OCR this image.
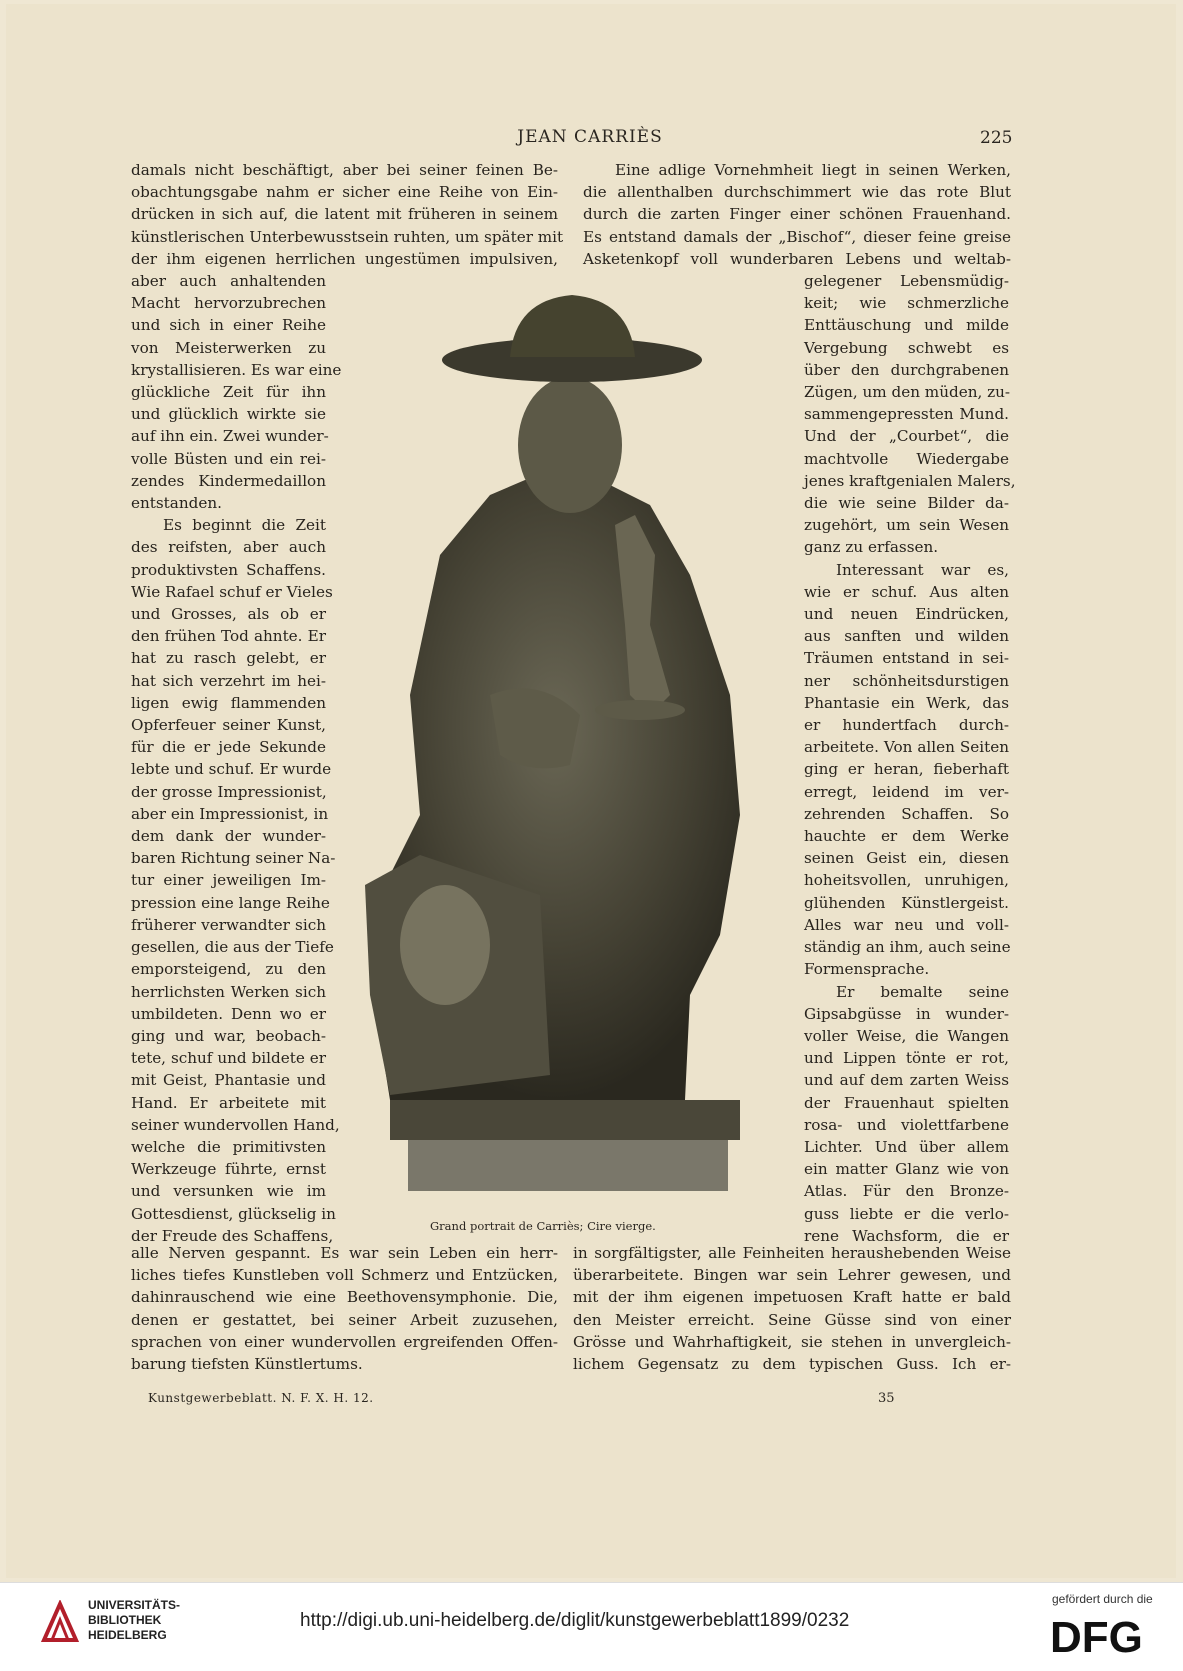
JEAN CARRIÈS	225
damals nicht beschäftigt, aber bei seiner feinen Be-
obachtungsgabe nahm er sicher eine Reihe von Ein-
drücken in sich auf, die latent mit früheren in seinem
künstlerischen Unterbewusstsein ruhten, um später mit
der ihm eigenen herrlichen ungestümen impulsiven,
Eine adlige Vornehmheit liegt in seinen Werken,
die allenthalben durchschimmert wie das rote Blut
durch die zarten Finger einer schönen Frauenhand.
Es entstand damals der „Bischof“, dieser feine greise
Asketenkopf voll wunderbaren Lebens und weltab-
aber auch anhaltenden
Macht hervorzubrechen
und sich in einer Reihe
von Meisterwerken zu
krystallisieren. Es war eine
glückliche Zeit für ihn
und glücklich wirkte sie
auf ihn ein. Zwei wunder-
volle Büsten und ein rei-
zendes Kindermedaillon
entstanden.
Es beginnt die Zeit
des reifsten, aber auch
produktivsten Schaffens.
Wie Rafael schuf er Vieles
und Grosses, als ob er
den frühen Tod ahnte. Er
hat zu rasch gelebt, er
hat sich verzehrt im hei-
ligen ewig flammenden
Opferfeuer seiner Kunst,
für die er jede Sekunde
lebte und schuf. Er wurde
der grosse Impressionist,
aber ein Impressionist, in
dem dank der wunder-
baren Richtung seiner Na-
tur einer jeweiligen Im-
pression eine lange Reihe
früherer verwandter sich
gesellen, die aus der Tiefe
emporsteigend, zu den
herrlichsten Werken sich
umbildeten. Denn wo er
ging und war, beobach-
tete, schuf und bildete er
mit Geist, Phantasie und
Hand. Er arbeitete mit
seiner wundervollen Hand,
welche die primitivsten
Werkzeuge führte, ernst
und versunken wie im
Gottesdienst, glückselig in
der Freude des Schaffens,
gelegener Lebensmüdig-
keit; wie schmerzliche
Enttäuschung und milde
Vergebung schwebt es
über den durchgrabenen
Zügen, um den müden, zu-
sammengepressten Mund.
Und der „Courbet“, die
machtvolle Wiedergabe
jenes kraftgenialen Malers,
die wie seine Bilder da-
zugehört, um sein Wesen
ganz zu erfassen.
Interessant war es,
wie er schuf. Aus alten
und neuen Eindrücken,
aus sanften und wilden
Träumen entstand in sei-
ner schönheitsdurstigen
Phantasie ein Werk, das
er hundertfach durch-
arbeitete. Von allen Seiten
ging er heran, fieberhaft
erregt, leidend im ver-
zehrenden Schaffen. So
hauchte er dem Werke
seinen Geist ein, diesen
hoheitsvollen, unruhigen,
glühenden Künstlergeist.
Alles war neu und voll-
ständig an ihm, auch seine
Formensprache.
Er bemalte seine
Gipsabgüsse in wunder-
voller Weise, die Wangen
und Lippen tönte er rot,
und auf dem zarten Weiss
der Frauenhaut spielten
rosa- und violettfarbene
Lichter. Und über allem
ein matter Glanz wie von
Atlas. Für den Bronze-
guss liebte er die verlo-
rene Wachsform, die er
alle Nerven gespannt. Es war sein Leben ein herr-
liches tiefes Kunstleben voll Schmerz und Entzücken,
dahinrauschend wie eine Beethovensymphonie. Die,
denen er gestattet, bei seiner Arbeit zuzusehen,
sprachen von einer wundervollen ergreifenden Offen-
barung tiefsten Künstlertums.
in sorgfältigster, alle Feinheiten heraushebenden Weise
überarbeitete. Bingen war sein Lehrer gewesen, und
mit der ihm eigenen impetuosen Kraft hatte er bald
den Meister erreicht. Seine Güsse sind von einer
Grösse und Wahrhaftigkeit, sie stehen in unvergleich-
lichem Gegensatz zu dem typischen Guss. Ich er-
Grand portrait de Carriès; Cire vierge.
Kunstgewerbeblatt. N. F. X. H. 12.	35
UNIVERSITÄTS-
BIBLIOTHEK
HEIDELBERG
http://digi.ub.uni-heidelberg.de/diglit/kunstgewerbeblatt1899/0232
gefördert durch die
DFG
